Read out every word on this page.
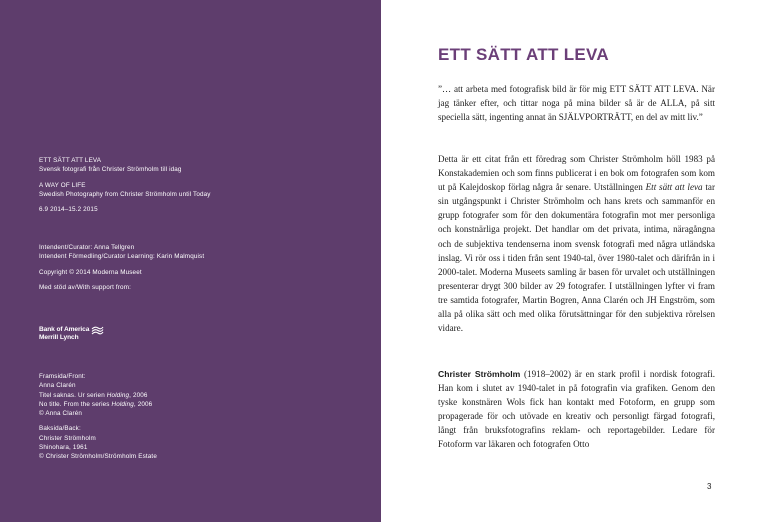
ETT SÄTT ATT LEVA
Svensk fotografi från Christer Strömholm till idag
A WAY OF LIFE
Swedish Photography from Christer Strömholm until Today
6.9 2014–15.2 2015
Intendent/Curator: Anna Tellgren
Intendent Förmedling/Curator Learning: Karin Malmquist
Copyright © 2014 Moderna Museet
Med stöd av/With support from:
Bank of America
Merrill Lynch
Framsida/Front:
Anna Clarén
Titel saknas. Ur serien Holding, 2006
No title. From the series Holding, 2006
© Anna Clarén
Baksida/Back:
Christer Strömholm
Shinohara, 1961
© Christer Strömholm/Strömholm Estate
ETT SÄTT ATT LEVA
”… att arbeta med fotografisk bild är för mig ETT SÄTT ATT LEVA. När jag tänker efter, och tittar noga på mina bilder så är de ALLA, på sitt speciella sätt, ingenting annat än SJÄLVPORTRÄTT, en del av mitt liv.”
Detta är ett citat från ett föredrag som Christer Strömholm höll 1983 på Konstakademien och som finns publicerat i en bok om fotografen som kom ut på Kalejdoskop förlag några år senare. Utställningen Ett sätt att leva tar sin utgångspunkt i Christer Strömholm och hans krets och sammanför en grupp fotografer som för den dokumentära fotografin mot mer personliga och konstnärliga projekt. Det handlar om det privata, intima, näragångna och de subjektiva tendenserna inom svensk fotografi med några utländska inslag. Vi rör oss i tiden från sent 1940-tal, över 1980-talet och därifrån in i 2000-talet. Moderna Museets samling är basen för urvalet och utställningen presenterar drygt 300 bilder av 29 fotografer. I utställningen lyfter vi fram tre samtida fotografer, Martin Bogren, Anna Clarén och JH Engström, som alla på olika sätt och med olika förutsättningar för den subjektiva rörelsen vidare.
Christer Strömholm (1918–2002) är en stark profil i nordisk fotografi. Han kom i slutet av 1940-talet in på fotografin via grafiken. Genom den tyske konstnären Wols fick han kontakt med Fotoform, en grupp som propagerade för och utövade en kreativ och personligt färgad fotografi, långt från bruksfotografins reklam- och reportagebilder. Ledare för Fotoform var läkaren och fotografen Otto
3
